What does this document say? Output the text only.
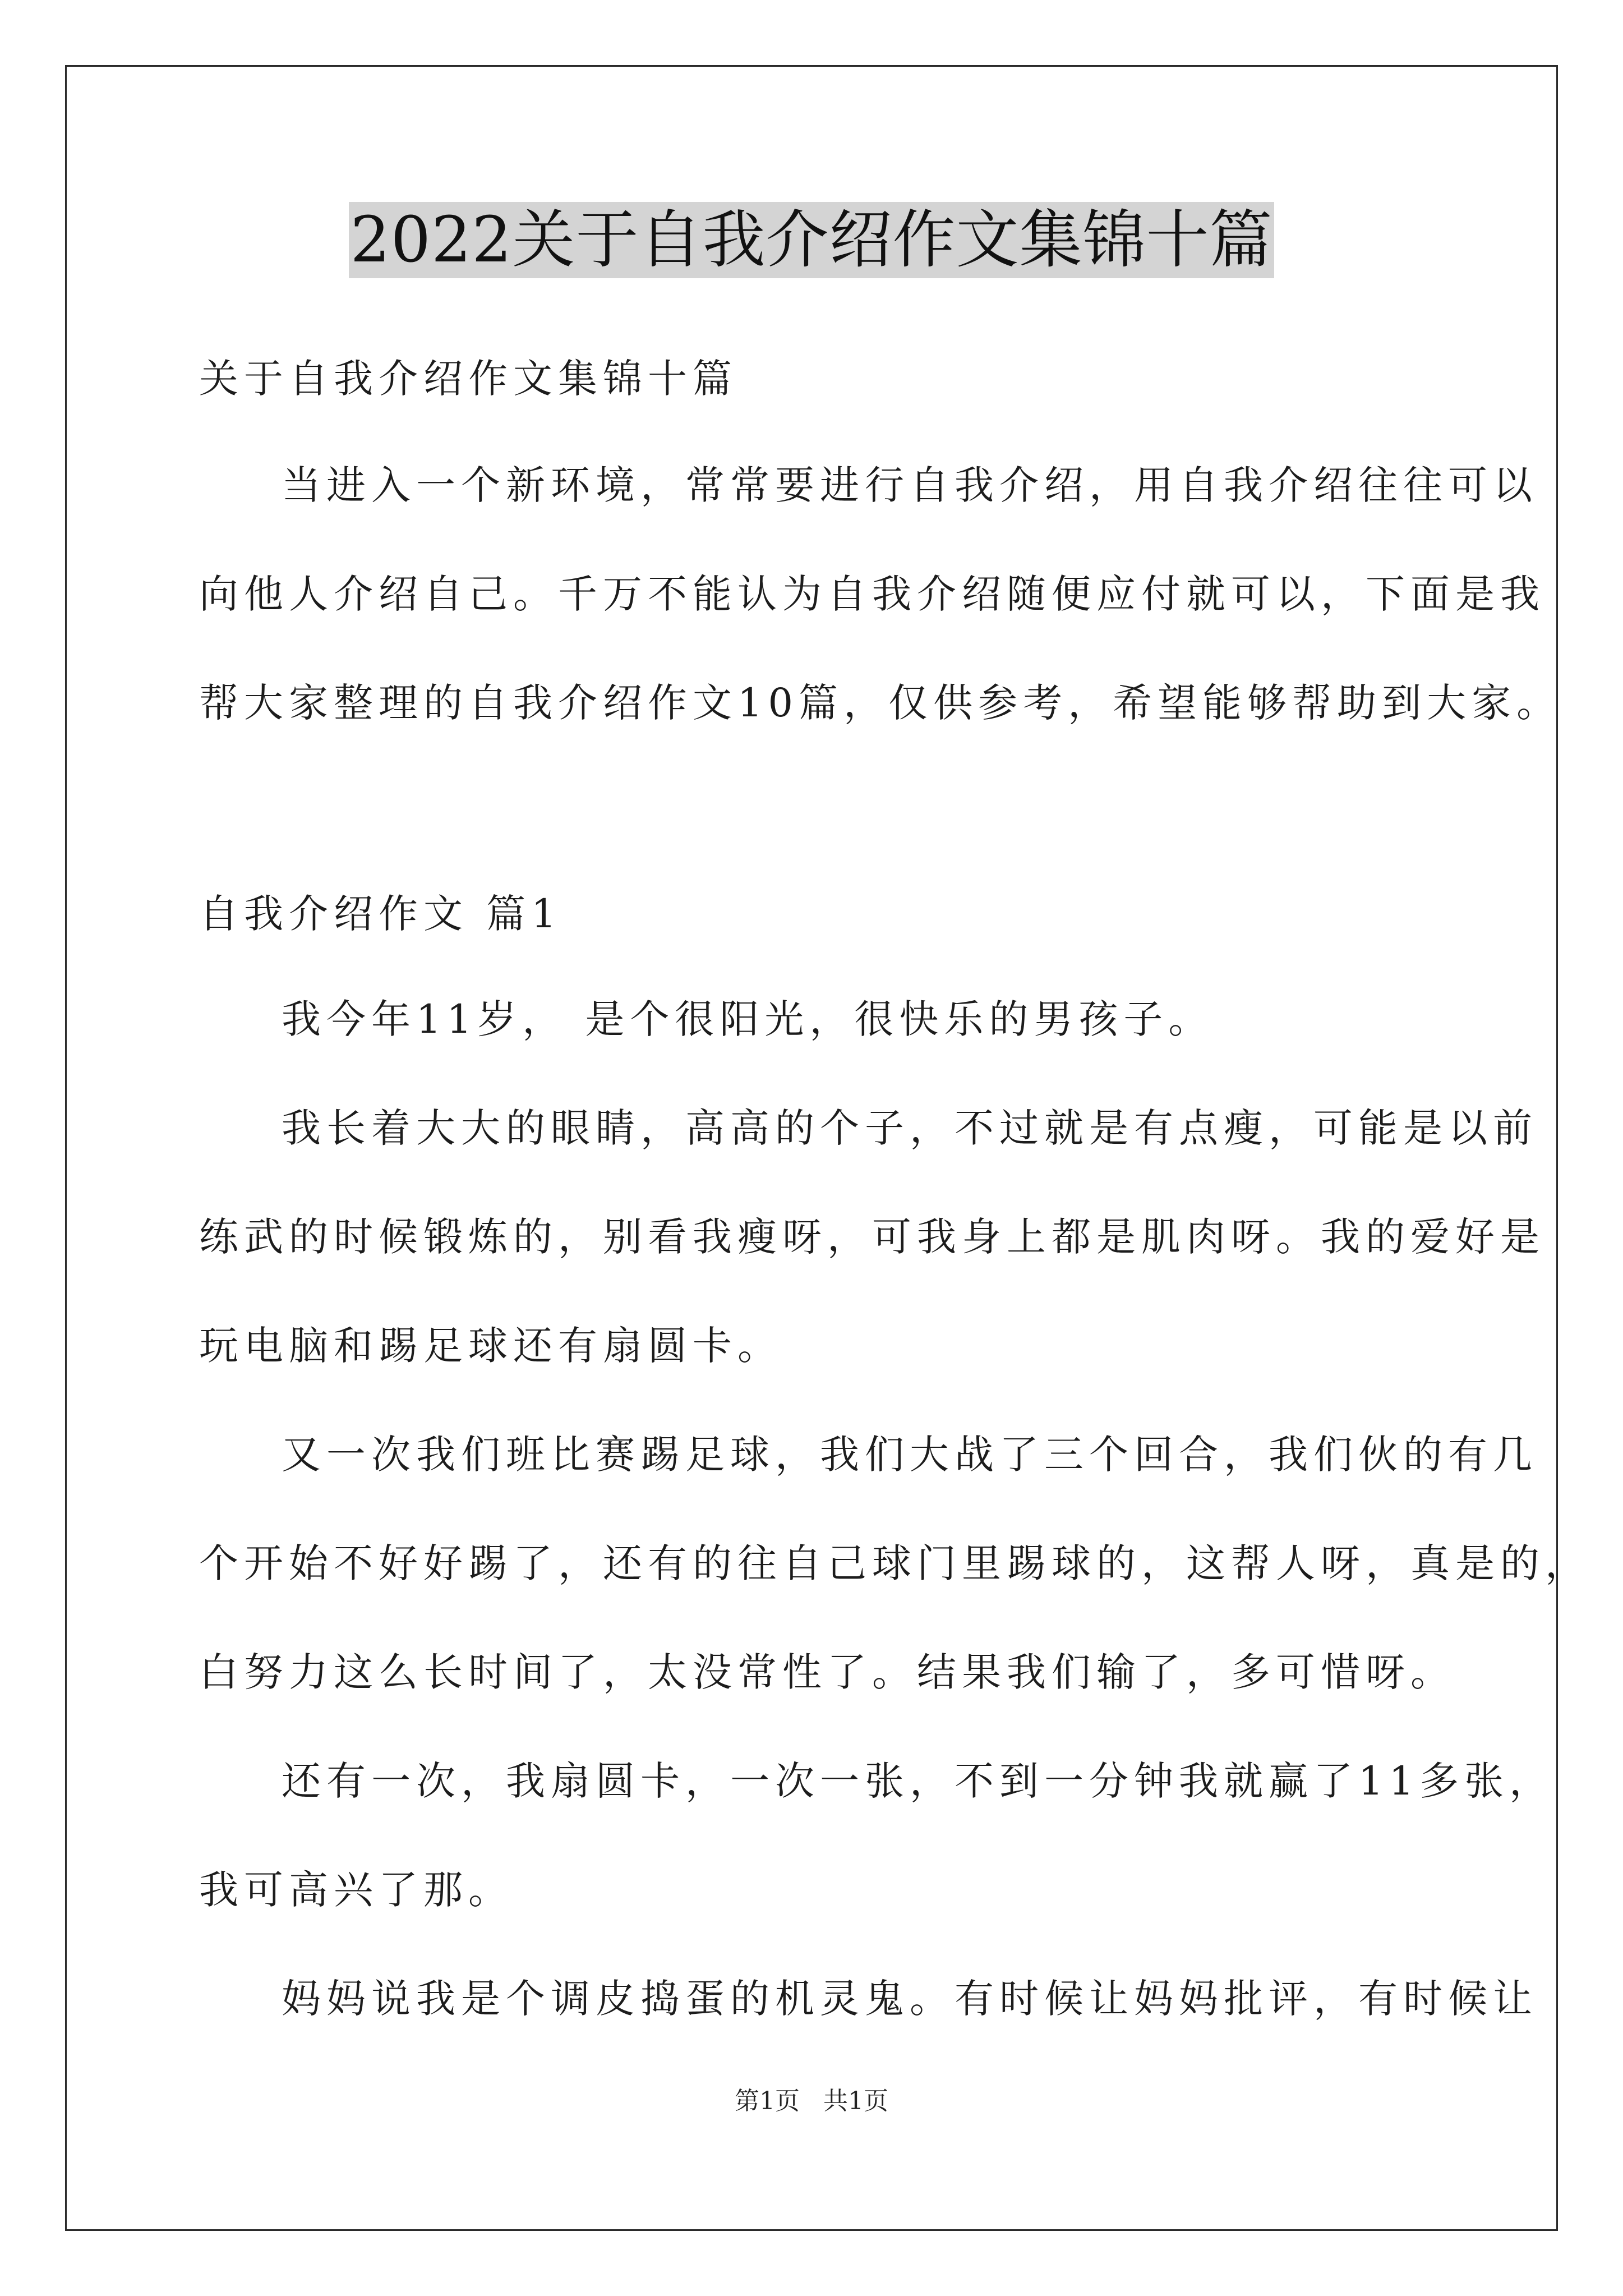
2022关于自我介绍作文集锦十篇
关于自我介绍作文集锦十篇
当进入一个新环境，常常要进行自我介绍，用自我介绍往往可以
向他人介绍自己。千万不能认为自我介绍随便应付就可以，下面是我
帮大家整理的自我介绍作文10篇，仅供参考，希望能够帮助到大家。
自我介绍作文 篇1
我今年11岁， 是个很阳光，很快乐的男孩子。
我长着大大的眼睛，高高的个子，不过就是有点瘦，可能是以前
练武的时候锻炼的，别看我瘦呀，可我身上都是肌肉呀。我的爱好是
玩电脑和踢足球还有扇圆卡。
又一次我们班比赛踢足球，我们大战了三个回合，我们伙的有几
个开始不好好踢了，还有的往自己球门里踢球的，这帮人呀，真是的，
白努力这么长时间了，太没常性了。结果我们输了，多可惜呀。
还有一次，我扇圆卡，一次一张，不到一分钟我就赢了11多张，
我可高兴了那。
妈妈说我是个调皮捣蛋的机灵鬼。有时候让妈妈批评，有时候让
第1页   共1页
